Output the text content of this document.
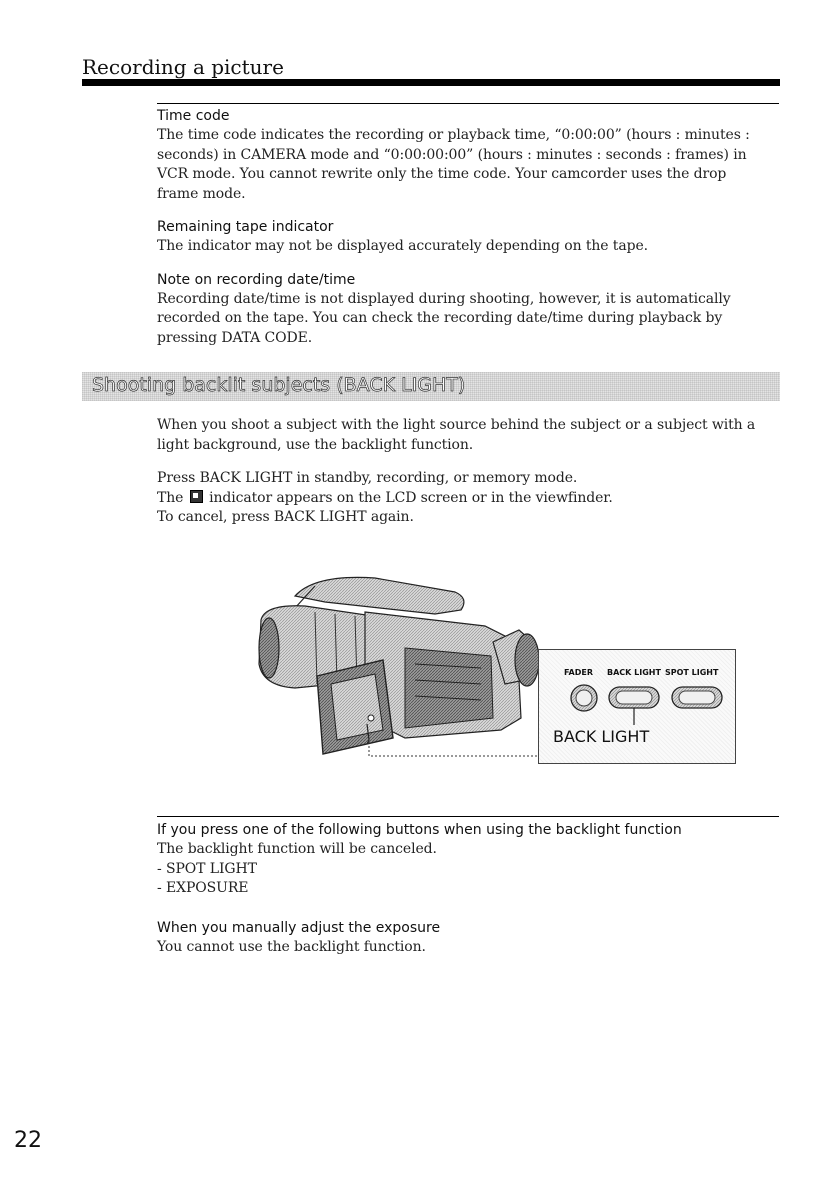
Recording a picture

Time code

The time code indicates the recording or playback time, “0:00:00” (hours : minutes :

seconds) in CAMERA mode and “0:00:00:00” (hours : minutes : seconds : frames) in

VCR mode. You cannot rewrite only the time code. Your camcorder uses the drop

frame mode.

Remaining tape indicator

The indicator may not be displayed accurately depending on the tape.

Note on recording date/time

Recording date/time is not displayed during shooting, however, it is automatically

recorded on the tape. You can check the recording date/time during playback by

pressing DATA CODE.

Shooting backlit subjects (BACK LIGHT)

When you shoot a subject with the light source behind the subject or a subject with a

light background, use the backlight function.

Press BACK LIGHT in standby, recording, or memory mode.

The indicator appears on the LCD screen or in the viewfinder.

To cancel, press BACK LIGHT again.

FADER BACK LIGHT SPOT LIGHT
BACK LIGHT

If you press one of the following buttons when using the backlight function

The backlight function will be canceled.

- SPOT LIGHT

- EXPOSURE

When you manually adjust the exposure

You cannot use the backlight function.

22
